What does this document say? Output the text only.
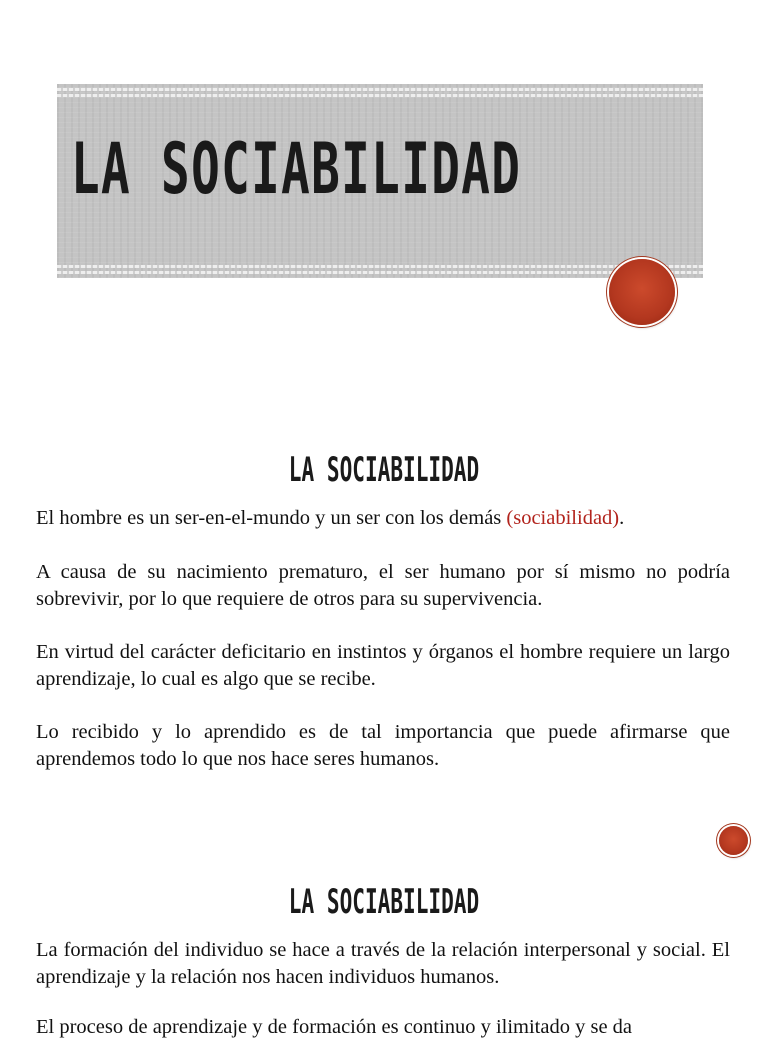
LA SOCIABILIDAD
LA SOCIABILIDAD

El hombre es un ser-en-el-mundo y un ser con los demás (sociabilidad).

A causa de su nacimiento prematuro, el ser humano por sí mismo no podría sobrevivir, por lo que requiere de otros para su supervivencia.

En virtud del carácter deficitario en instintos y órganos el hombre requiere un largo aprendizaje, lo cual es algo que se recibe.

Lo recibido y lo aprendido es de tal importancia que puede afirmarse que aprendemos todo lo que nos hace seres humanos.

LA SOCIABILIDAD

La formación del individuo se hace a través de la relación interpersonal y social. El aprendizaje y la relación nos hacen individuos humanos.

El proceso de aprendizaje y de formación es continuo y ilimitado y se da
